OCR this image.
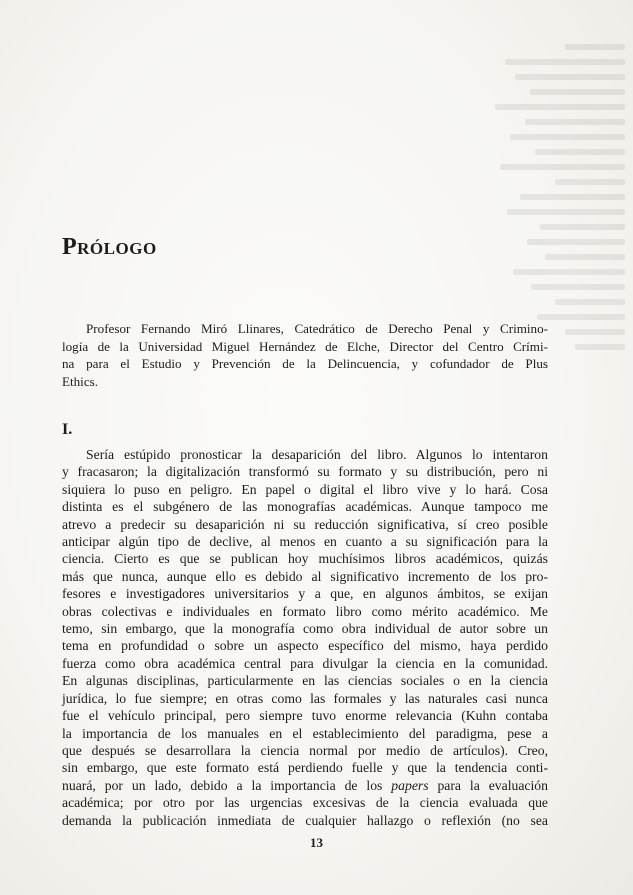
Prólogo
Profesor Fernando Miró Llinares, Catedrático de Derecho Penal y Crimino-
logía de la Universidad Miguel Hernández de Elche, Director del Centro Crími-
na para el Estudio y Prevención de la Delincuencia, y cofundador de Plus
Ethics.
I.
Sería estúpido pronosticar la desaparición del libro. Algunos lo intentaron
y fracasaron; la digitalización transformó su formato y su distribución, pero ni
siquiera lo puso en peligro. En papel o digital el libro vive y lo hará. Cosa
distinta es el subgénero de las monografías académicas. Aunque tampoco me
atrevo a predecir su desaparición ni su reducción significativa, sí creo posible
anticipar algún tipo de declive, al menos en cuanto a su significación para la
ciencia. Cierto es que se publican hoy muchísimos libros académicos, quizás
más que nunca, aunque ello es debido al significativo incremento de los pro-
fesores e investigadores universitarios y a que, en algunos ámbitos, se exijan
obras colectivas e individuales en formato libro como mérito académico. Me
temo, sin embargo, que la monografía como obra individual de autor sobre un
tema en profundidad o sobre un aspecto específico del mismo, haya perdido
fuerza como obra académica central para divulgar la ciencia en la comunidad.
En algunas disciplinas, particularmente en las ciencias sociales o en la ciencia
jurídica, lo fue siempre; en otras como las formales y las naturales casi nunca
fue el vehículo principal, pero siempre tuvo enorme relevancia (Kuhn contaba
la importancia de los manuales en el establecimiento del paradigma, pese a
que después se desarrollara la ciencia normal por medio de artículos). Creo,
sin embargo, que este formato está perdiendo fuelle y que la tendencia conti-
nuará, por un lado, debido a la importancia de los papers para la evaluación
académica; por otro por las urgencias excesivas de la ciencia evaluada que
demanda la publicación inmediata de cualquier hallazgo o reflexión (no sea
13
